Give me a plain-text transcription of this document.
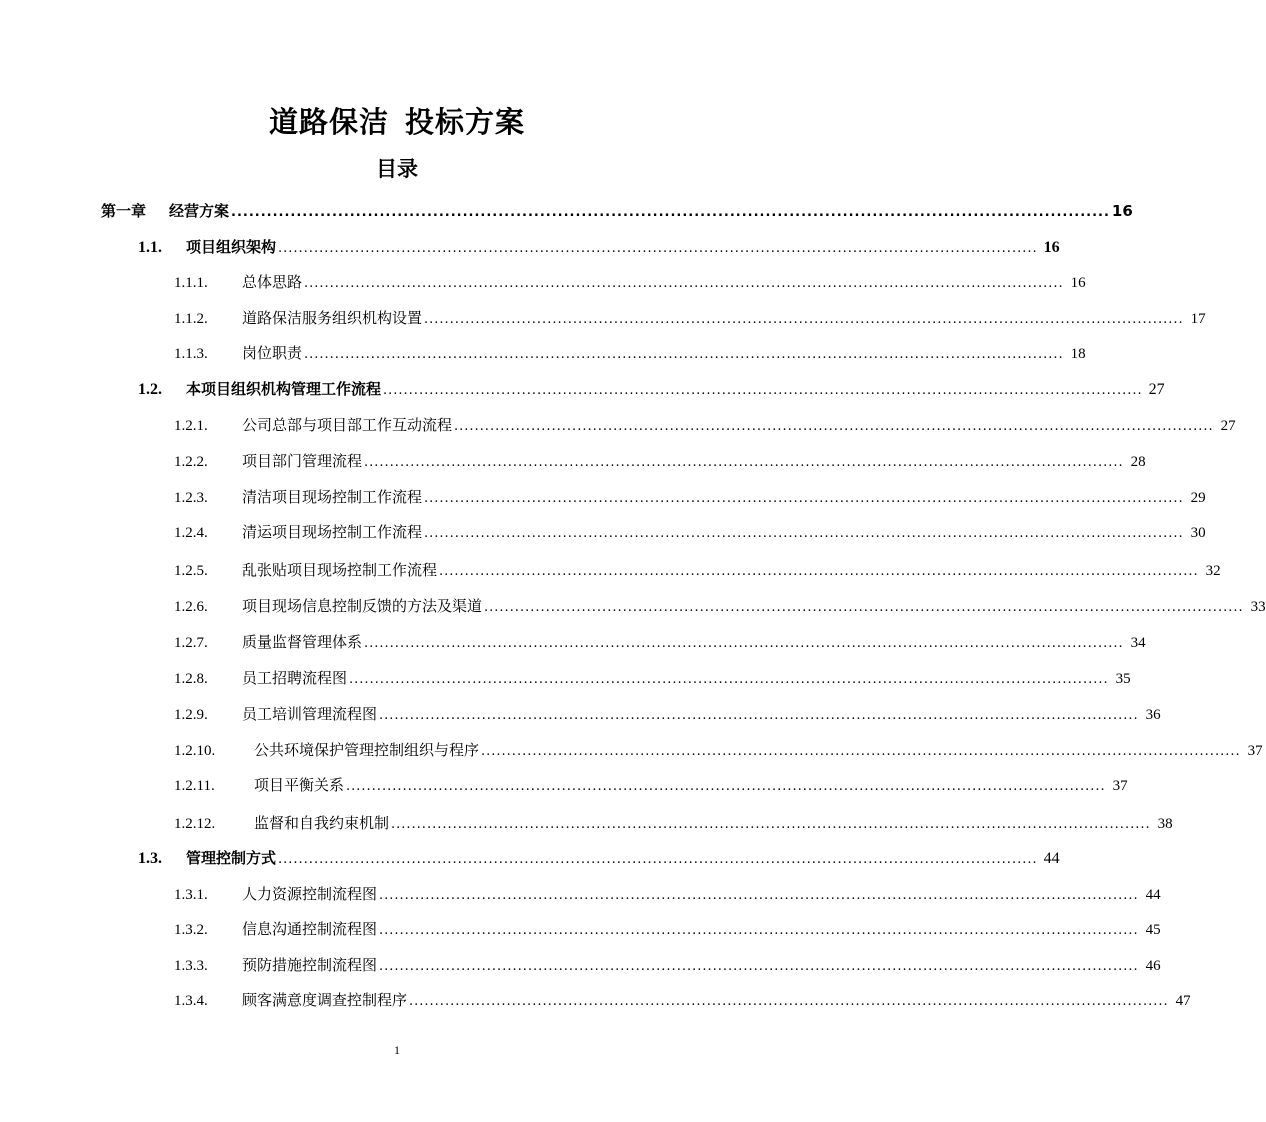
道路保洁 投标方案
目录
第一章	经营方案 .................................................................................................................................................... 16
1.1.	项目组织架构 .................................................................................................................................................... 16
1.1.1.	总体思路 .................................................................................................................................................... 16
1.1.2.	道路保洁服务组织机构设置 .................................................................................................................................................... 17
1.1.3.	岗位职责 .................................................................................................................................................... 18
1.2.	本项目组织机构管理工作流程 .................................................................................................................................................... 27
1.2.1.	公司总部与项目部工作互动流程 .................................................................................................................................................... 27
1.2.2.	项目部门管理流程 .................................................................................................................................................... 28
1.2.3.	清洁项目现场控制工作流程 .................................................................................................................................................... 29
1.2.4.	清运项目现场控制工作流程 .................................................................................................................................................... 30
1.2.5.	乱张贴项目现场控制工作流程 .................................................................................................................................................... 32
1.2.6.	项目现场信息控制反馈的方法及渠道 .................................................................................................................................................... 33
1.2.7.	质量监督管理体系 .................................................................................................................................................... 34
1.2.8.	员工招聘流程图 .................................................................................................................................................... 35
1.2.9.	员工培训管理流程图 .................................................................................................................................................... 36
1.2.10.	公共环境保护管理控制组织与程序 .................................................................................................................................................... 37
1.2.11.	项目平衡关系 .................................................................................................................................................... 37
1.2.12.	监督和自我约束机制 .................................................................................................................................................... 38
1.3.	管理控制方式 .................................................................................................................................................... 44
1.3.1.	人力资源控制流程图 .................................................................................................................................................... 44
1.3.2.	信息沟通控制流程图 .................................................................................................................................................... 45
1.3.3.	预防措施控制流程图 .................................................................................................................................................... 46
1.3.4.	顾客满意度调查控制程序 .................................................................................................................................................... 47
1
